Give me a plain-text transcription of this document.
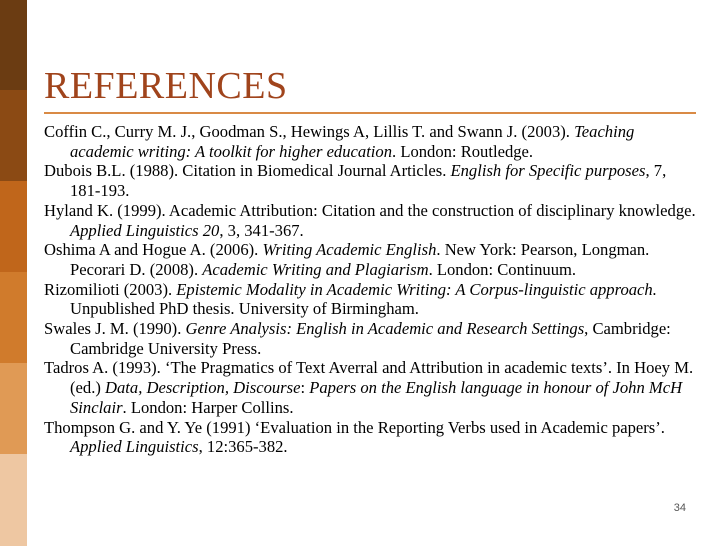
REFERENCES
Coffin C., Curry M. J., Goodman S., Hewings A, Lillis T. and Swann J. (2003). Teaching academic writing: A toolkit for higher education. London: Routledge.
Dubois B.L. (1988). Citation in Biomedical Journal Articles. English for Specific purposes, 7, 181-193.
Hyland K. (1999). Academic Attribution: Citation and the construction of disciplinary knowledge. Applied Linguistics 20, 3, 341-367.
Oshima A and Hogue A. (2006). Writing Academic English. New York: Pearson, Longman.
Pecorari D. (2008). Academic Writing and Plagiarism. London: Continuum.
Rizomilioti (2003). Epistemic Modality in Academic Writing: A Corpus-linguistic approach. Unpublished PhD thesis. University of Birmingham.
Swales J. M. (1990). Genre Analysis: English in Academic and Research Settings, Cambridge: Cambridge University Press.
Tadros A. (1993). ‘The Pragmatics of Text Averral and Attribution in academic texts’. In Hoey M. (ed.) Data, Description, Discourse: Papers on the English language in honour of John McH Sinclair. London: Harper Collins.
Thompson G. and Y. Ye (1991) ‘Evaluation in the Reporting Verbs used in Academic papers’. Applied Linguistics, 12:365-382.
34
